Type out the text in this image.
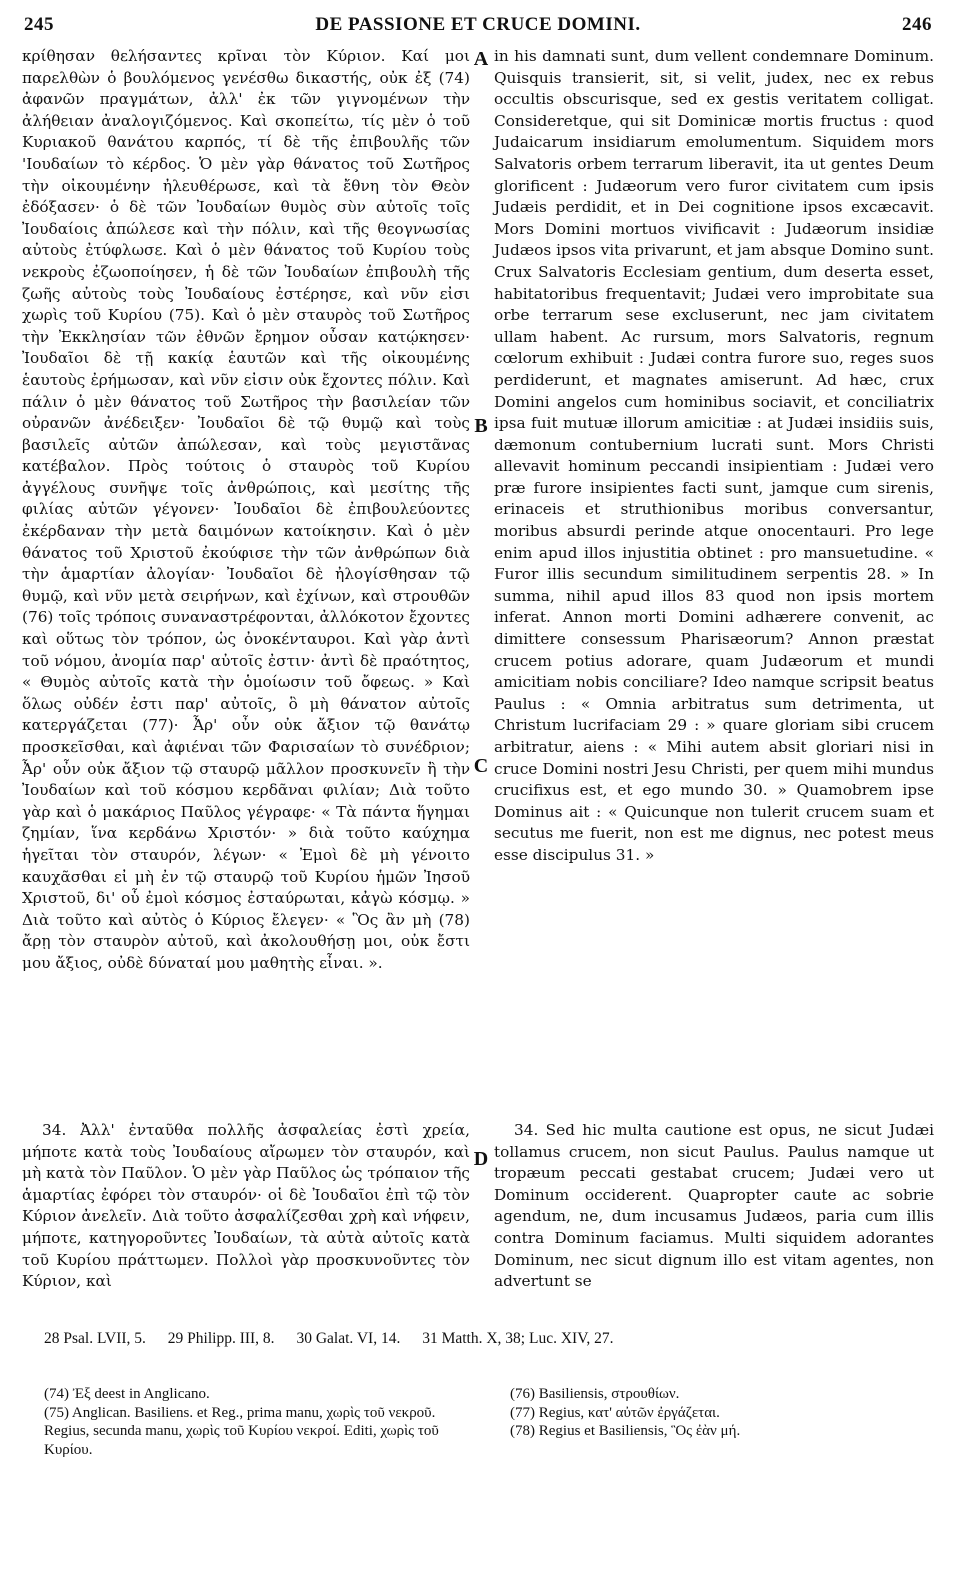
245	DE PASSIONE ET CRUCE DOMINI.	246

κρίθησαν θελήσαντες κρῖναι τὸν Κύριον. Καί μοι παρελθὼν ὁ βουλόμενος γενέσθω δικαστής, οὐκ ἐξ (74) ἀφανῶν πραγμάτων, ἀλλ' ἐκ τῶν γιγνομένων τὴν ἀλήθειαν ἀναλογιζόμενος. Καὶ σκοπείτω, τίς μὲν ὁ τοῦ Κυριακοῦ θανάτου καρπός, τί δὲ τῆς ἐπιβουλῆς τῶν 'Ιουδαίων τὸ κέρδος. Ὁ μὲν γὰρ θάνατος τοῦ Σωτῆρος τὴν οἰκουμένην ἠλευθέρωσε, καὶ τὰ ἔθνη τὸν Θεὸν ἐδόξασεν· ὁ δὲ τῶν Ἰουδαίων θυμὸς σὺν αὐτοῖς τοῖς Ἰουδαίοις ἀπώλεσε καὶ τὴν πόλιν, καὶ τῆς θεογνωσίας αὐτοὺς ἐτύφλωσε. Καὶ ὁ μὲν θάνατος τοῦ Κυρίου τοὺς νεκροὺς ἐζωοποίησεν, ἡ δὲ τῶν Ἰουδαίων ἐπιβουλὴ τῆς ζωῆς αὐτοὺς τοὺς Ἰουδαίους ἐστέρησε, καὶ νῦν εἰσι χωρὶς τοῦ Κυρίου (75). Καὶ ὁ μὲν σταυρὸς τοῦ Σωτῆρος τὴν Ἐκκλησίαν τῶν ἐθνῶν ἔρημον οὖσαν κατῴκησεν· Ἰουδαῖοι δὲ τῇ κακίᾳ ἑαυτῶν καὶ τῆς οἰκουμένης ἑαυτοὺς ἐρήμωσαν, καὶ νῦν εἰσιν οὐκ ἔχοντες πόλιν. Καὶ πάλιν ὁ μὲν θάνατος τοῦ Σωτῆρος τὴν βασιλείαν τῶν οὐρανῶν ἀνέδειξεν· Ἰουδαῖοι δὲ τῷ θυμῷ καὶ τοὺς βασιλεῖς αὐτῶν ἀπώλεσαν, καὶ τοὺς μεγιστᾶνας κατέβαλον. Πρὸς τούτοις ὁ σταυρὸς τοῦ Κυρίου ἀγγέλους συνῆψε τοῖς ἀνθρώποις, καὶ μεσίτης τῆς φιλίας αὐτῶν γέγονεν· Ἰουδαῖοι δὲ ἐπιβουλεύοντες ἐκέρδαναν τὴν μετὰ δαιμόνων κατοίκησιν. Καὶ ὁ μὲν θάνατος τοῦ Χριστοῦ ἐκούφισε τὴν τῶν ἀνθρώπων διὰ τὴν ἁμαρτίαν ἀλογίαν· Ἰουδαῖοι δὲ ἠλογίσθησαν τῷ θυμῷ, καὶ νῦν μετὰ σειρήνων, καὶ ἐχίνων, καὶ στρουθῶν (76) τοῖς τρόποις συναναστρέφονται, ἀλλόκοτον ἔχοντες καὶ οὕτως τὸν τρόπον, ὡς ὀνοκένταυροι. Καὶ γὰρ ἀντὶ τοῦ νόμου, ἀνομία παρ' αὐτοῖς ἐστιν· ἀντὶ δὲ πραότητος, « Θυμὸς αὐτοῖς κατὰ τὴν ὁμοίωσιν τοῦ ὄφεως. » Καὶ ὅλως οὐδέν ἐστι παρ' αὐτοῖς, ὃ μὴ θάνατον αὐτοῖς κατεργάζεται (77)· Ἆρ' οὖν οὐκ ἄξιον τῷ θανάτῳ προσκεῖσθαι, καὶ ἀφιέναι τῶν Φαρισαίων τὸ συνέδριον; Ἆρ' οὖν οὐκ ἄξιον τῷ σταυρῷ μᾶλλον προσκυνεῖν ἢ τὴν Ἰουδαίων καὶ τοῦ κόσμου κερδᾶναι φιλίαν; Διὰ τοῦτο γὰρ καὶ ὁ μακάριος Παῦλος γέγραφε· « Τὰ πάντα ἥγημαι ζημίαν, ἵνα κερδάνω Χριστόν· » διὰ τοῦτο καύχημα ἡγεῖται τὸν σταυρόν, λέγων· « Ἐμοὶ δὲ μὴ γένοιτο καυχᾶσθαι εἰ μὴ ἐν τῷ σταυρῷ τοῦ Κυρίου ἡμῶν Ἰησοῦ Χριστοῦ, δι' οὗ ἐμοὶ κόσμος ἐσταύρωται, κἀγὼ κόσμῳ. » Διὰ τοῦτο καὶ αὐτὸς ὁ Κύριος ἔλεγεν· « Ὃς ἂν μὴ (78) ἄρῃ τὸν σταυρὸν αὐτοῦ, καὶ ἀκολουθήσῃ μοι, οὐκ ἔστι μου ἄξιος, οὐδὲ δύναταί μου μαθητὴς εἶναι. ».

in his damnati sunt, dum vellent condemnare Dominum. Quisquis transierit, sit, si velit, judex, nec ex rebus occultis obscurisque, sed ex gestis veritatem colligat. Consideretque, qui sit Dominicæ mortis fructus : quod Judaicarum insidiarum emolumentum. Siquidem mors Salvatoris orbem terrarum liberavit, ita ut gentes Deum glorificent : Judæorum vero furor civitatem cum ipsis Judæis perdidit, et in Dei cognitione ipsos excæcavit. Mors Domini mortuos vivificavit : Judæorum insidiæ Judæos ipsos vita privarunt, et jam absque Domino sunt. Crux Salvatoris Ecclesiam gentium, dum deserta esset, habitatoribus frequentavit; Judæi vero improbitate sua orbe terrarum sese excluserunt, nec jam civitatem ullam habent. Ac rursum, mors Salvatoris, regnum cœlorum exhibuit : Judæi contra furore suo, reges suos perdiderunt, et magnates amiserunt. Ad hæc, crux Domini angelos cum hominibus sociavit, et conciliatrix ipsa fuit mutuæ illorum amicitiæ : at Judæi insidiis suis, dæmonum contubernium lucrati sunt. Mors Christi allevavit hominum peccandi insipientiam : Judæi vero præ furore insipientes facti sunt, jamque cum sirenis, erinaceis et struthionibus moribus conversantur, moribus absurdi perinde atque onocentauri. Pro lege enim apud illos injustitia obtinet : pro mansuetudine. « Furor illis secundum similitudinem serpentis 28. » In summa, nihil apud illos 83 quod non ipsis mortem inferat. Annon morti Domini adhærere convenit, ac dimittere consessum Pharisæorum? Annon præstat crucem potius adorare, quam Judæorum et mundi amicitiam nobis conciliare? Ideo namque scripsit beatus Paulus : « Omnia arbitratus sum detrimenta, ut Christum lucrifaciam 29 : » quare gloriam sibi crucem arbitratur, aiens : « Mihi autem absit gloriari nisi in cruce Domini nostri Jesu Christi, per quem mihi mundus crucifixus est, et ego mundo 30. » Quamobrem ipse Dominus ait : « Quicunque non tulerit crucem suam et secutus me fuerit, non est me dignus, nec potest meus esse discipulus 31. »

A
B
C
D

34. Ἀλλ' ἐνταῦθα πολλῆς ἀσφαλείας ἐστὶ χρεία, μήποτε κατὰ τοὺς Ἰουδαίους αἴρωμεν τὸν σταυρόν, καὶ μὴ κατὰ τὸν Παῦλον. Ὁ μὲν γὰρ Παῦλος ὡς τρόπαιον τῆς ἁμαρτίας ἐφόρει τὸν σταυρόν· οἱ δὲ Ἰουδαῖοι ἐπὶ τῷ τὸν Κύριον ἀνελεῖν. Διὰ τοῦτο ἀσφαλίζεσθαι χρὴ καὶ νήφειν, μήποτε, κατηγοροῦντες Ἰουδαίων, τὰ αὐτὰ αὐτοῖς κατὰ τοῦ Κυρίου πράττωμεν. Πολλοὶ γὰρ προσκυνοῦντες τὸν Κύριον, καὶ

34. Sed hic multa cautione est opus, ne sicut Judæi tollamus crucem, non sicut Paulus. Paulus namque ut tropæum peccati gestabat crucem; Judæi vero ut Dominum occiderent. Quapropter caute ac sobrie agendum, ne, dum incusamus Judæos, paria cum illis contra Dominum faciamus. Multi siquidem adorantes Dominum, nec sicut dignum illo est vitam agentes, non advertunt se

28 Psal. LVII, 5. 29 Philipp. III, 8. 30 Galat. VI, 14. 31 Matth. X, 38; Luc. XIV, 27.

(74) Ἐξ deest in Anglicano.

(75) Anglican. Basiliens. et Reg., prima manu, χωρὶς τοῦ νεκροῦ. Regius, secunda manu, χωρὶς τοῦ Κυρίου νεκροί. Editi, χωρὶς τοῦ Κυρίου.

(76) Basiliensis, στρουθίων.

(77) Regius, κατ' αὐτῶν ἐργάζεται.

(78) Regius et Basiliensis, Ὃς ἐὰν μή.
